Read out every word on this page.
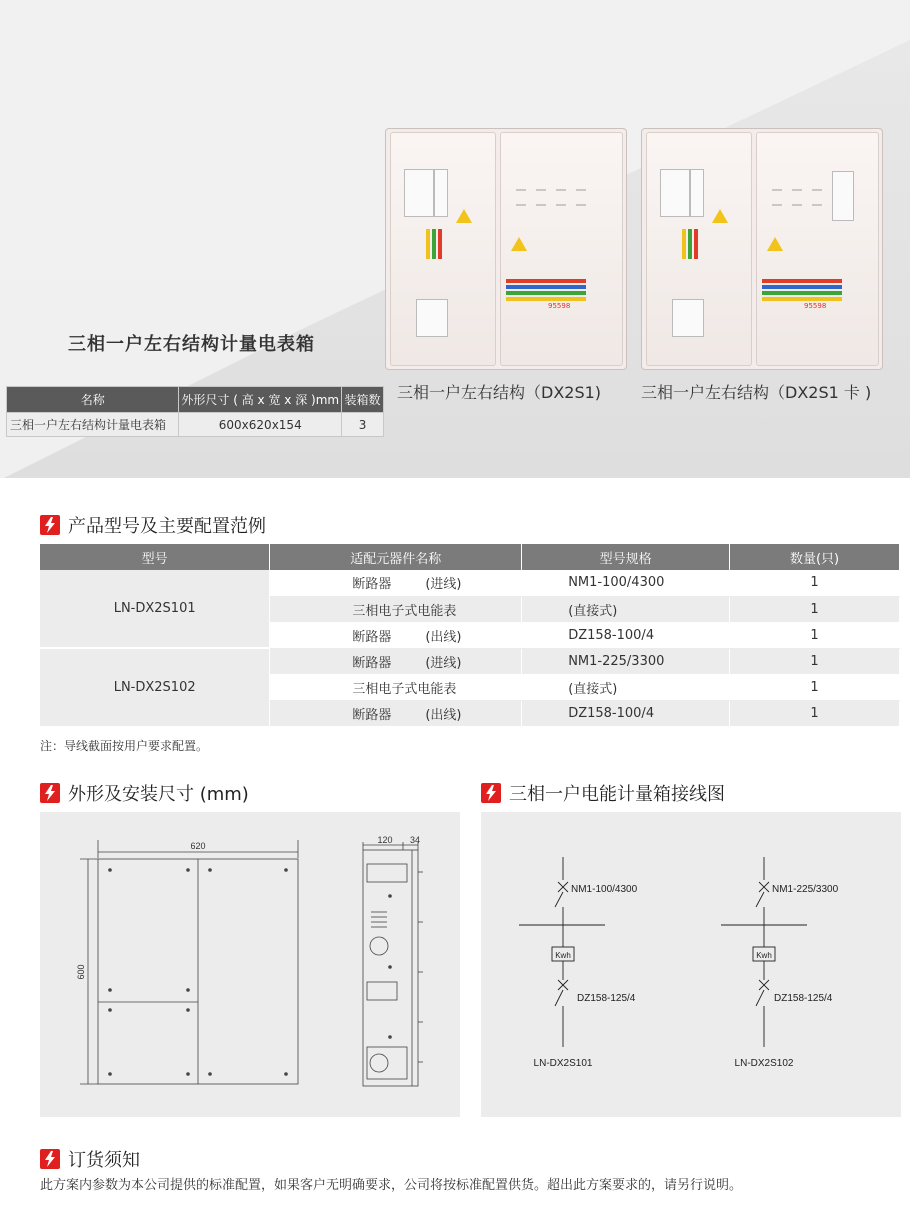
95598	95598
三相一户左右结构（DX2S1) 三相一户左右结构（DX2S1 卡 )
三相一户左右结构计量电表箱
名称	外形尺寸 ( 高 x 宽 x 深 )mm	装箱数
三相一户左右结构计量电表箱	600x620x154	3
产品型号及主要配置范例
型号	适配元器件名称	型号规格	数量(只)
LN-DX2S101	断路器 (进线)	NM1-100/4300	1
	三相电子式电能表	(直接式)	1
	断路器 (出线)	DZ158-100/4	1
LN-DX2S102	断路器 (进线)	NM1-225/3300	1
	三相电子式电能表	(直接式)	1
	断路器 (出线)	DZ158-100/4	1
注：导线截面按用户要求配置。
外形及安装尺寸 (mm)	三相一户电能计量箱接线图
620
600
120 34
NM1-100/4300
Kwh
DZ158-125/4
LN-DX2S101
NM1-225/3300
Kwh
DZ158-125/4
LN-DX2S102
订货须知
此方案内参数为本公司提供的标准配置，如果客户无明确要求，公司将按标准配置供货。超出此方案要求的，请另行说明。
